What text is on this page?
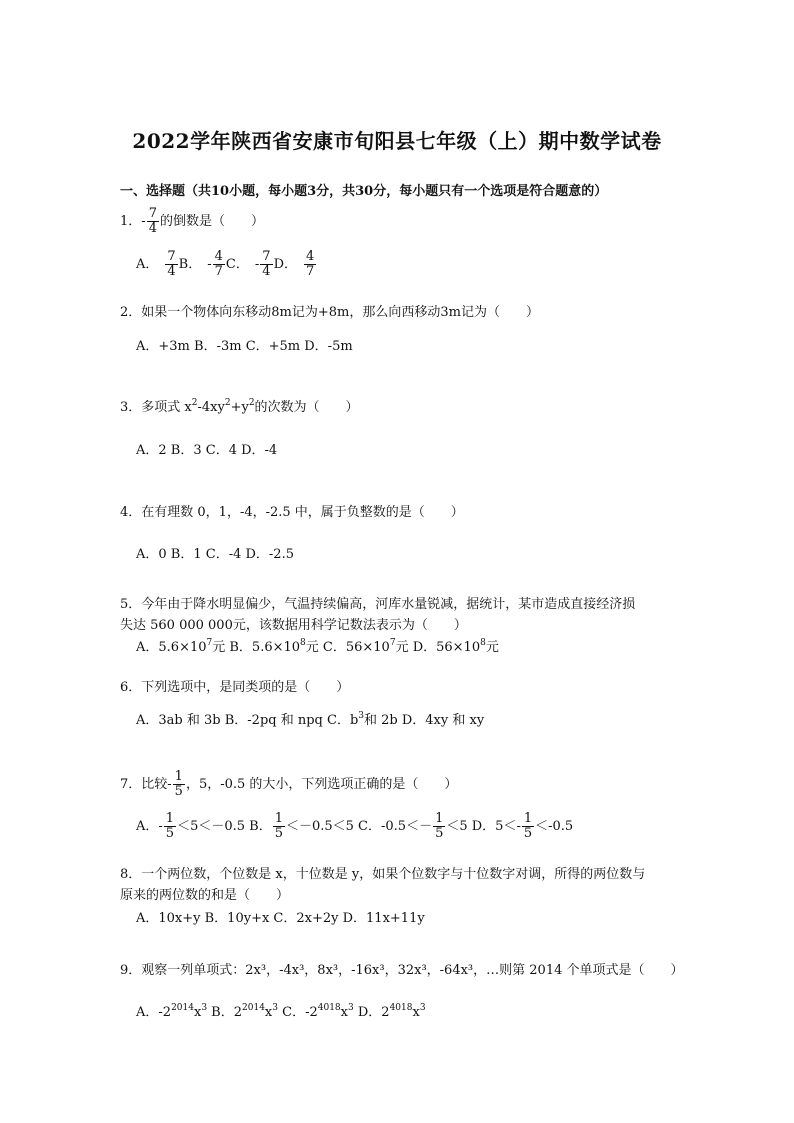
2022学年陕西省安康市旬阳县七年级（上）期中数学试卷
一、选择题（共10小题，每小题3分，共30分，每小题只有一个选项是符合题意的）
1．- $\frac{7}{4}$ 的倒数是（　　）
A． $\frac{7}{4}$ B． - $\frac{4}{7}$ C． - $\frac{7}{4}$ D． $\frac{4}{7}$
2．如果一个物体向东移动8m记为+8m，那么向西移动3m记为（　　）
A．+3m B．-3m C．+5m D．-5m
3．多项式 $x^2-4xy^2+y^2$的次数为（　　）
A．2 B．3 C．4 D．-4
4．在有理数 0，1，-4，-2.5 中，属于负整数的是（　　）
A．0 B．1 C．-4 D．-2.5
5．今年由于降水明显偏少，气温持续偏高，河库水量锐减，据统计，某市造成直接经济损
失达 560 000 000元，该数据用科学记数法表示为（　　）
A．$5.6\times 10^7$元 B．$5.6\times 10^8$元 C．$56\times 10^7$元 D．$56\times 10^8$元
6．下列选项中，是同类项的是（　　）
A．3ab 和 3b B．-2pq 和 npq C．$b^3$和 2b D．4xy 和 xy
7．比较- $\frac{1}{5}$ ，5，-0.5 的大小，下列选项正确的是（　　）
A．- $\frac{1}{5} <5<-0.5$ B． $\frac{1}{5} <-0.5<5$ C．$-0.5<- \frac{1}{5} <5$ D．$5<- \frac{1}{5} <-0.5$
8．一个两位数，个位数是 x，十位数是 y，如果个位数字与十位数字对调，所得的两位数与
原来的两位数的和是（　　）
A．10x+y B．10y+x C．2x+2y D．11x+11y
9．观察一列单项式：2x³，-4x³，8x³，-16x³，32x³，-64x³，…则第 2014 个单项式是（　　）
A．$-2^{2014}x^3$ B．$2^{2014}x^3$ C．$-2^{4018}x^3$ D．$2^{4018}x^3$
